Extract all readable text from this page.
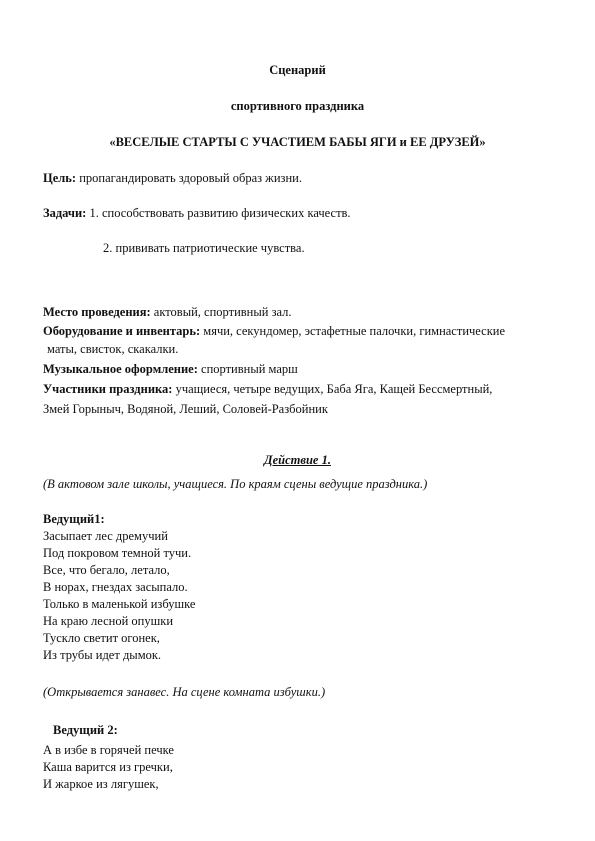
Сценарий
спортивного праздника
«ВЕСЕЛЫЕ СТАРТЫ С УЧАСТИЕМ БАБЫ ЯГИ и ЕЕ ДРУЗЕЙ»
Цель: пропагандировать здоровый образ жизни.
Задачи: 1. способствовать развитию физических качеств.
2. прививать патриотические чувства.
Место проведения: актовый, спортивный зал.
Оборудование и инвентарь: мячи, секундомер, эстафетные палочки, гимнастические
маты, свисток, скакалки.
Музыкальное оформление: спортивный марш
Участники праздника: учащиеся, четыре ведущих, Баба Яга, Кащей Бессмертный,
Змей Горыныч, Водяной, Леший, Соловей-Разбойник
Действие 1.
(В актовом зале школы, учащиеся. По краям сцены ведущие праздника.)
Ведущий1:
Засыпает лес дремучий
Под покровом темной тучи.
Все, что бегало, летало,
В норах, гнездах засыпало.
Только в маленькой избушке
На краю лесной опушки
Тускло светит огонек,
Из трубы идет дымок.
(Открывается занавес. На сцене комната избушки.)
Ведущий 2:
А в избе в горячей печке
Каша варится из гречки,
И жаркое из лягушек,
